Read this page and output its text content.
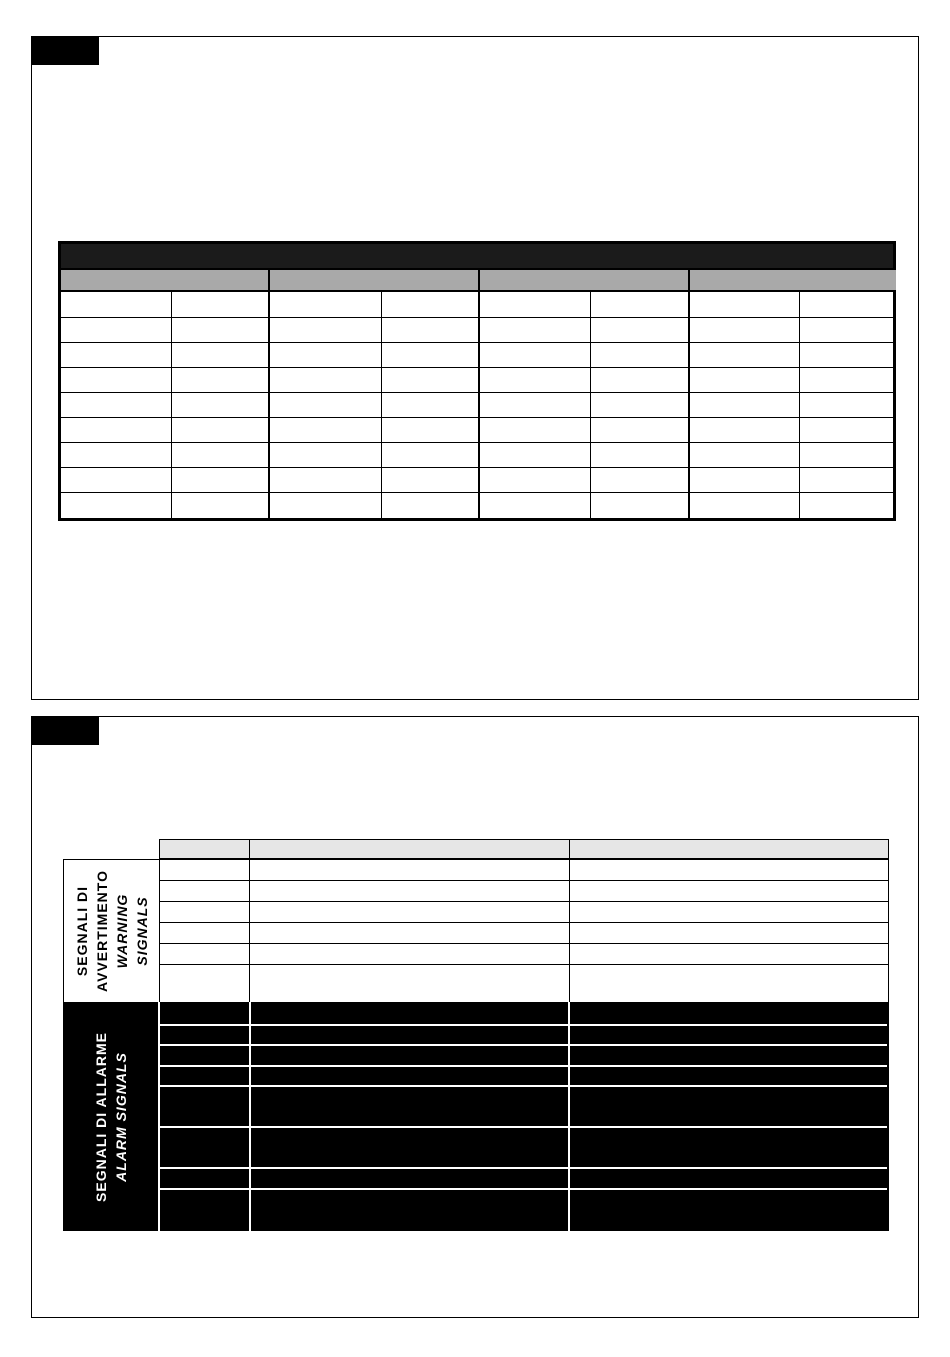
SEGNALI DI AVVERTIMENTO WARNING SIGNALS
SEGNALI DI ALLARME ALARM SIGNALS
